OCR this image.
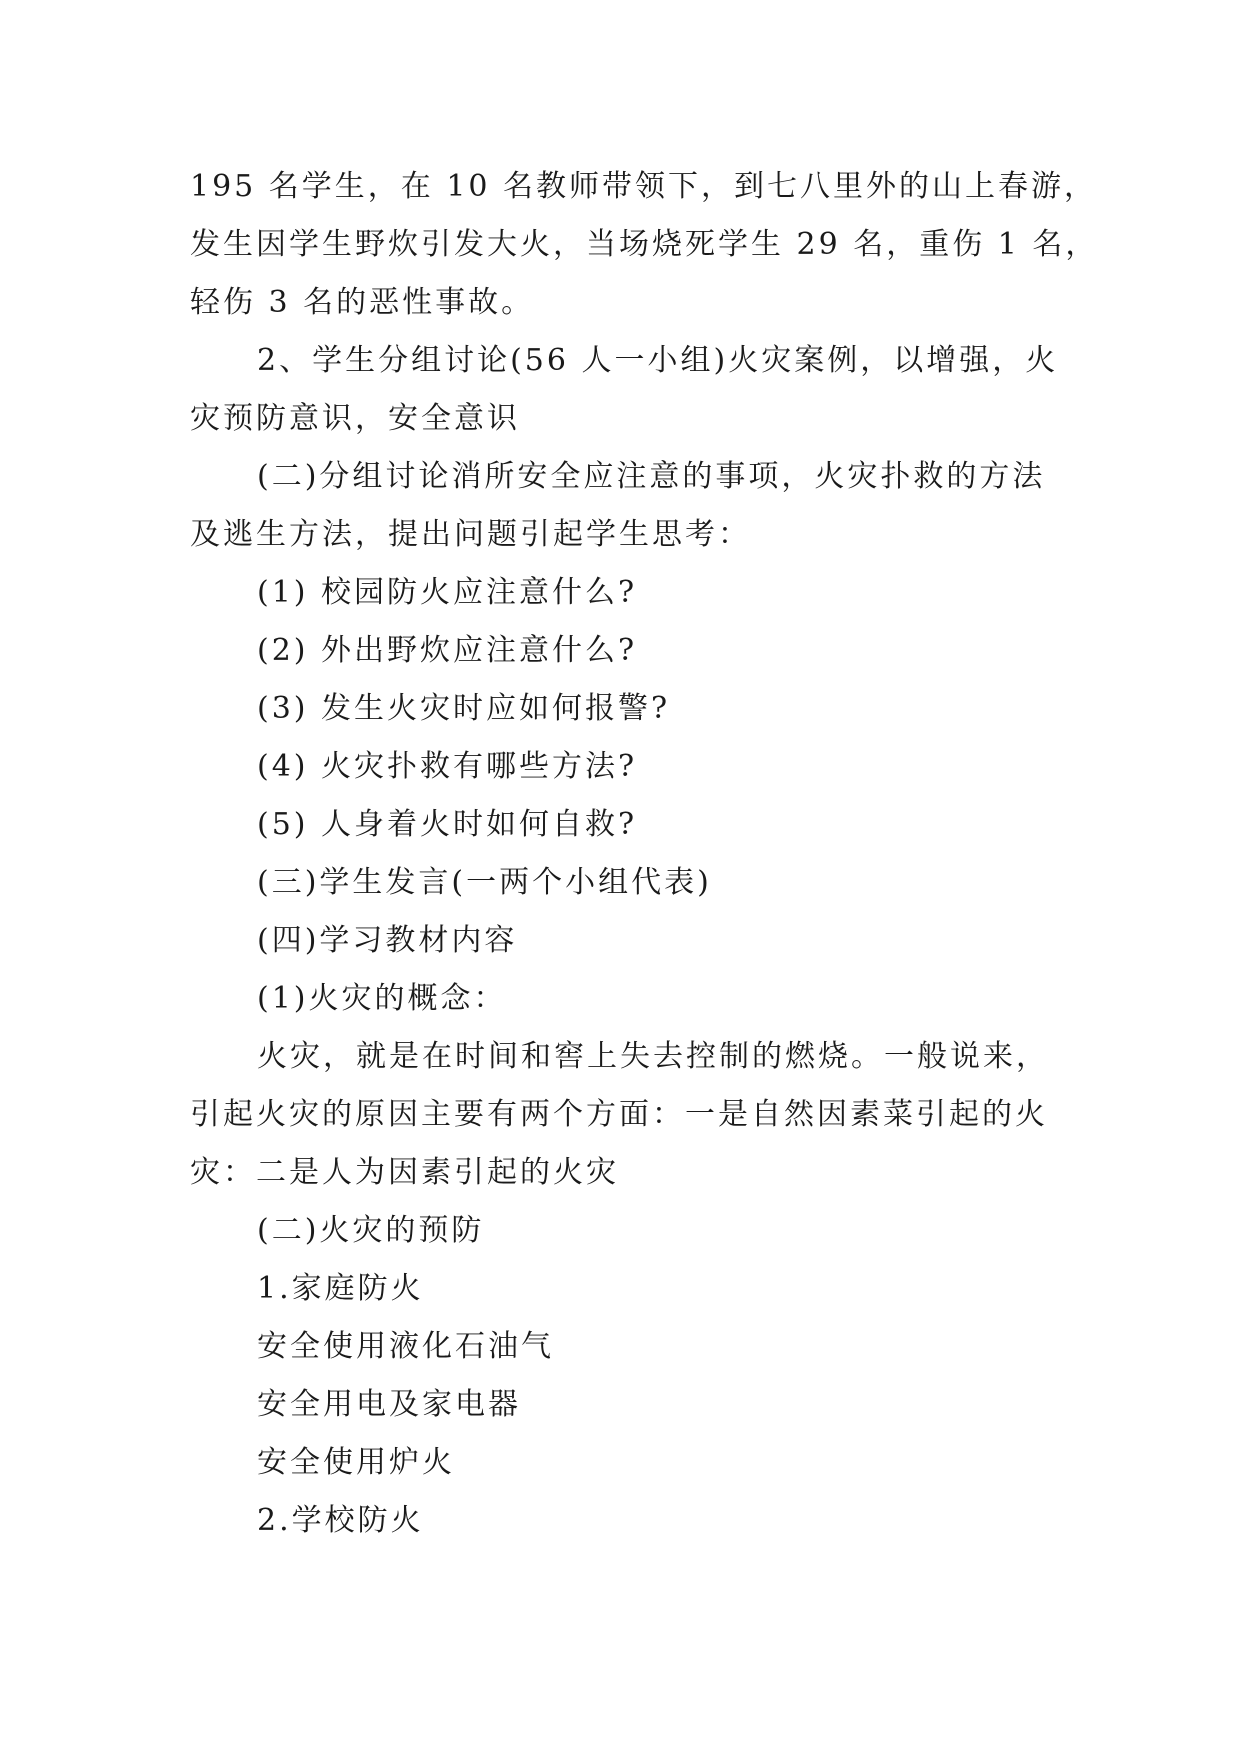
195 名学生，在 10 名教师带领下，到七八里外的山上春游，
发生因学生野炊引发大火，当场烧死学生 29 名，重伤 1 名，
轻伤 3 名的恶性事故。
2、学生分组讨论(56 人一小组)火灾案例，以增强，火
灾预防意识，安全意识
(二)分组讨论消所安全应注意的事项，火灾扑救的方法
及逃生方法，提出问题引起学生思考：
(1) 校园防火应注意什么?
(2) 外出野炊应注意什么?
(3) 发生火灾时应如何报警?
(4) 火灾扑救有哪些方法?
(5) 人身着火时如何自救?
(三)学生发言(一两个小组代表)
(四)学习教材内容
(1)火灾的概念：
火灾，就是在时间和窖上失去控制的燃烧。一般说来，
引起火灾的原因主要有两个方面：一是自然因素菜引起的火
灾：二是人为因素引起的火灾
(二)火灾的预防
1.家庭防火
安全使用液化石油气
安全用电及家电器
安全使用炉火
2.学校防火
